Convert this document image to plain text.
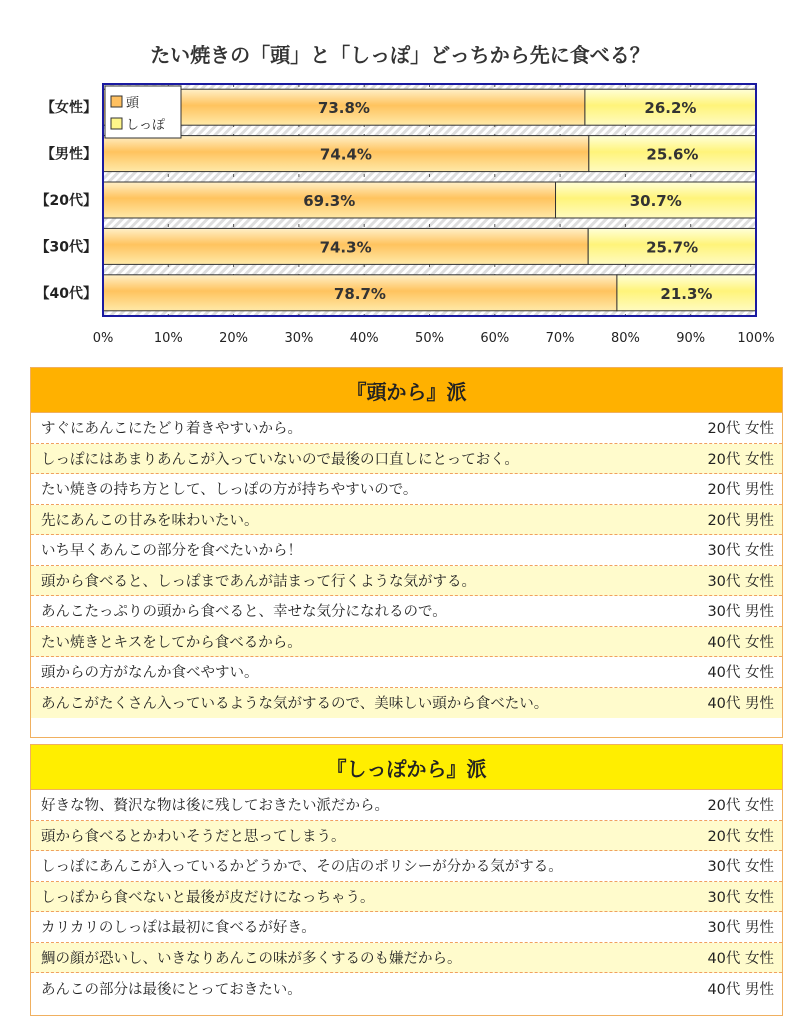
たい焼きの「頭」と「しっぽ」どっちから先に食べる？
0%	10%	20%	30%	40%	50%	60%	70%	80%	90% 100%
73.8%	26.2%
【女性】
74.4%	25.6%
【男性】
69.3%	30.7%
【20代】
74.3%	25.7%
【30代】
78.7%	21.3%
【40代】
頭
しっぽ
『頭から』派
すぐにあんこにたどり着きやすいから。	20代 女性
しっぽにはあまりあんこが入っていないので最後の口直しにとっておく。	20代 女性
たい焼きの持ち方として、しっぽの方が持ちやすいので。	20代 男性
先にあんこの甘みを味わいたい。	20代 男性
いち早くあんこの部分を食べたいから！	30代 女性
頭から食べると、しっぽまであんが詰まって行くような気がする。	30代 女性
あんこたっぷりの頭から食べると、幸せな気分になれるので。	30代 男性
たい焼きとキスをしてから食べるから。	40代 女性
頭からの方がなんか食べやすい。	40代 女性
あんこがたくさん入っているような気がするので、美味しい頭から食べたい。	40代 男性
『しっぽから』派
好きな物、贅沢な物は後に残しておきたい派だから。	20代 女性
頭から食べるとかわいそうだと思ってしまう。	20代 女性
しっぽにあんこが入っているかどうかで、その店のポリシーが分かる気がする。	30代 女性
しっぽから食べないと最後が皮だけになっちゃう。	30代 女性
カリカリのしっぽは最初に食べるが好き。	30代 男性
鯛の顔が恐いし、いきなりあんこの味が多くするのも嫌だから。	40代 女性
あんこの部分は最後にとっておきたい。	40代 男性
